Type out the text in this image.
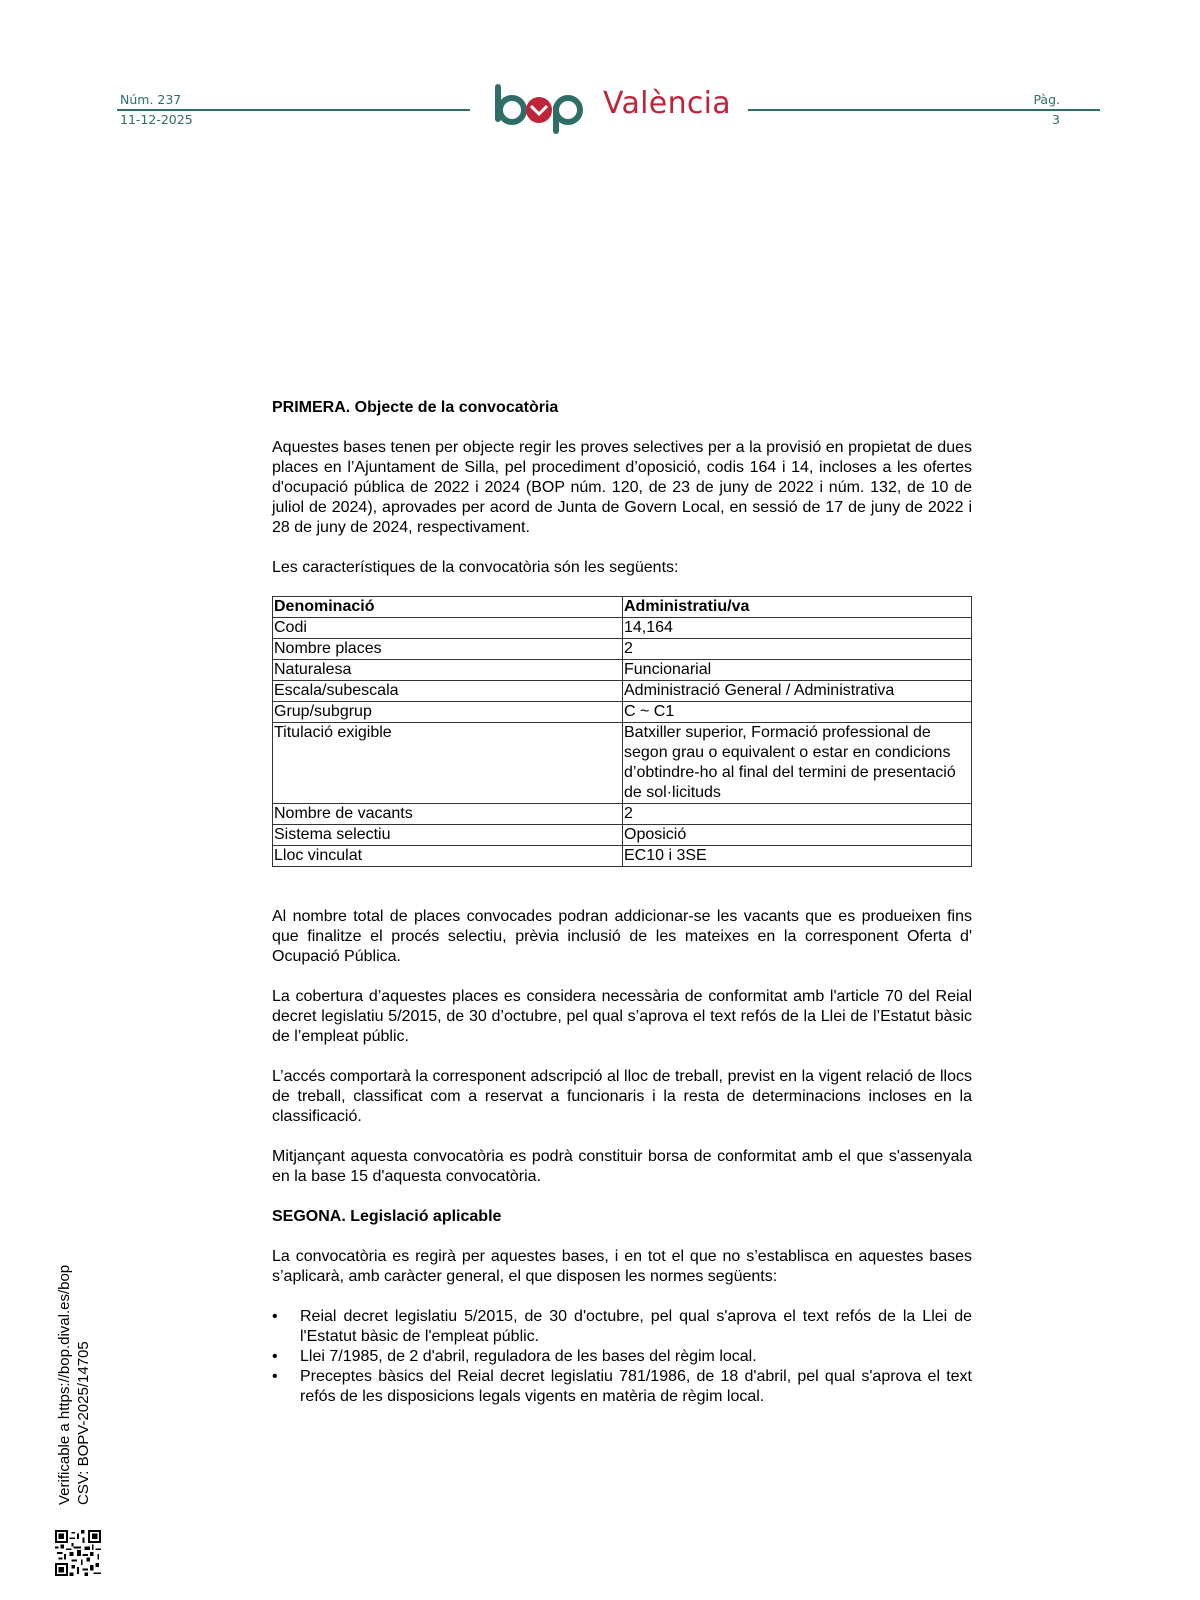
Núm. 237
11-12-2025	València	Pàg.
3
PRIMERA. Objecte de la convocatòria

Aquestes bases tenen per objecte regir les proves selectives per a la provisió en propietat de dues places en l’Ajuntament de Silla, pel procediment d’oposició, codis 164 i 14, incloses a les ofertes d'ocupació pública de 2022 i 2024 (BOP núm. 120, de 23 de juny de 2022 i núm. 132, de 10 de juliol de 2024), aprovades per acord de Junta de Govern Local, en sessió de 17 de juny de 2022 i 28 de juny de 2024, respectivament.

Les característiques de la convocatòria són les següents:

Denominació	Administratiu/va
Codi	14,164
Nombre places	2
Naturalesa	Funcionarial
Escala/subescala	Administració General / Administrativa
Grup/subgrup	C ~ C1
Titulació exigible	Batxiller superior, Formació professional de segon grau o equivalent o estar en condicions d’obtindre-ho al final del termini de presentació de sol·licituds
Nombre de vacants	2
Sistema selectiu	Oposició
Lloc vinculat	EC10 i 3SE

Al nombre total de places convocades podran addicionar-se les vacants que es produeixen fins que finalitze el procés selectiu, prèvia inclusió de les mateixes en la corresponent Oferta d' Ocupació Pública.

La cobertura d’aquestes places es considera necessària de conformitat amb l'article 70 del Reial decret legislatiu 5/2015, de 30 d’octubre, pel qual s’aprova el text refós de la Llei de l’Estatut bàsic de l’empleat públic.

L’accés comportarà la corresponent adscripció al lloc de treball, previst en la vigent relació de llocs de treball, classificat com a reservat a funcionaris i la resta de determinacions incloses en la classificació.

Mitjançant aquesta convocatòria es podrà constituir borsa de conformitat amb el que s'assenyala en la base 15 d'aquesta convocatòria.

SEGONA. Legislació aplicable

La convocatòria es regirà per aquestes bases, i en tot el que no s’establisca en aquestes bases s’aplicarà, amb caràcter general, el que disposen les normes següents:

• Reial decret legislatiu 5/2015, de 30 d'octubre, pel qual s'aprova el text refós de la Llei de l'Estatut bàsic de l'empleat públic.
• Llei 7/1985, de 2 d'abril, reguladora de les bases del règim local.
• Preceptes bàsics del Reial decret legislatiu 781/1986, de 18 d'abril, pel qual s'aprova el text refós de les disposicions legals vigents en matèria de règim local.
Verificable a https://bop.dival.es/bop CSV: BOPV-2025/14705
